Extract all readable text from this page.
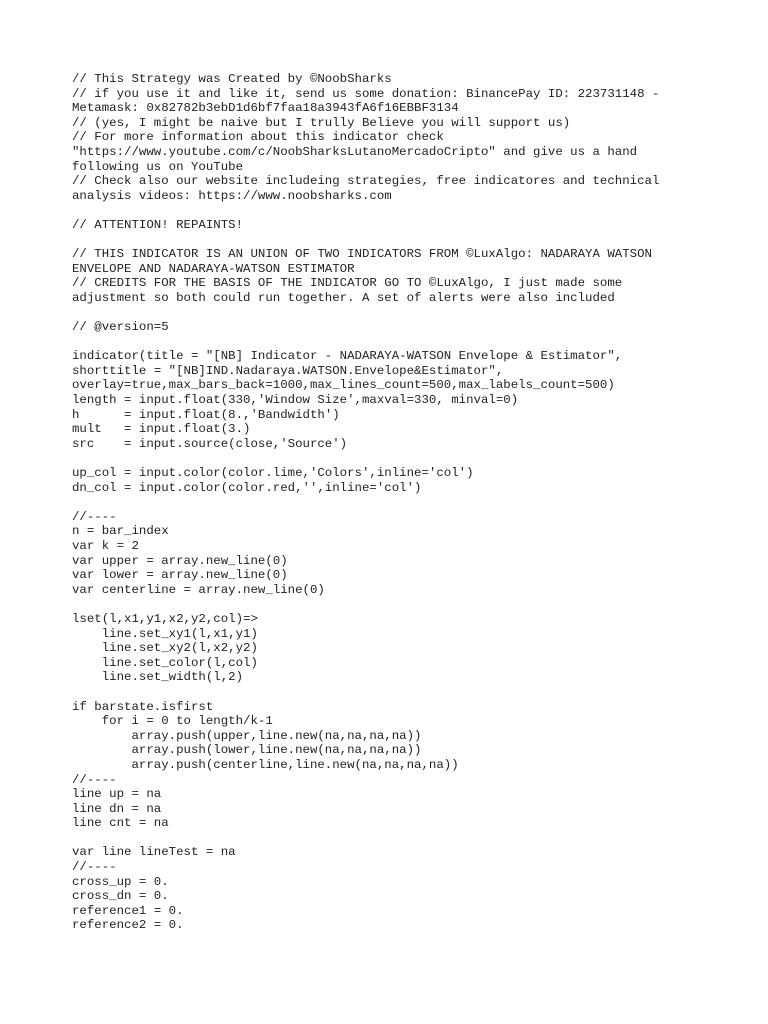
// This Strategy was Created by ©NoobSharks
// if you use it and like it, send us some donation: BinancePay ID: 223731148 -
Metamask: 0x82782b3ebD1d6bf7faa18a3943fA6f16EBBF3134
// (yes, I might be naive but I trully Believe you will support us)
// For more information about this indicator check
"https://www.youtube.com/c/NoobSharksLutanoMercadoCripto" and give us a hand
following us on YouTube
// Check also our website includeing strategies, free indicatores and technical
analysis videos: https://www.noobsharks.com
// ATTENTION! REPAINTS!
// THIS INDICATOR IS AN UNION OF TWO INDICATORS FROM ©LuxAlgo: NADARAYA WATSON
ENVELOPE AND NADARAYA-WATSON ESTIMATOR
// CREDITS FOR THE BASIS OF THE INDICATOR GO TO ©LuxAlgo, I just made some
adjustment so both could run together. A set of alerts were also included
// @version=5
indicator(title = "[NB] Indicator - NADARAYA-WATSON Envelope & Estimator",
shorttitle = "[NB]IND.Nadaraya.WATSON.Envelope&Estimator",
overlay=true,max_bars_back=1000,max_lines_count=500,max_labels_count=500)
length = input.float(330,'Window Size',maxval=330, minval=0)
h      = input.float(8.,'Bandwidth')
mult   = input.float(3.)
src    = input.source(close,'Source')
up_col = input.color(color.lime,'Colors',inline='col')
dn_col = input.color(color.red,'',inline='col')
//----
n = bar_index
var k = 2
var upper = array.new_line(0)
var lower = array.new_line(0)
var centerline = array.new_line(0)
lset(l,x1,y1,x2,y2,col)=>
line.set_xy1(l,x1,y1)
line.set_xy2(l,x2,y2)
line.set_color(l,col)
line.set_width(l,2)
if barstate.isfirst
for i = 0 to length/k-1
array.push(upper,line.new(na,na,na,na))
array.push(lower,line.new(na,na,na,na))
array.push(centerline,line.new(na,na,na,na))
//----
line up = na
line dn = na
line cnt = na
var line lineTest = na
//----
cross_up = 0.
cross_dn = 0.
reference1 = 0.
reference2 = 0.
